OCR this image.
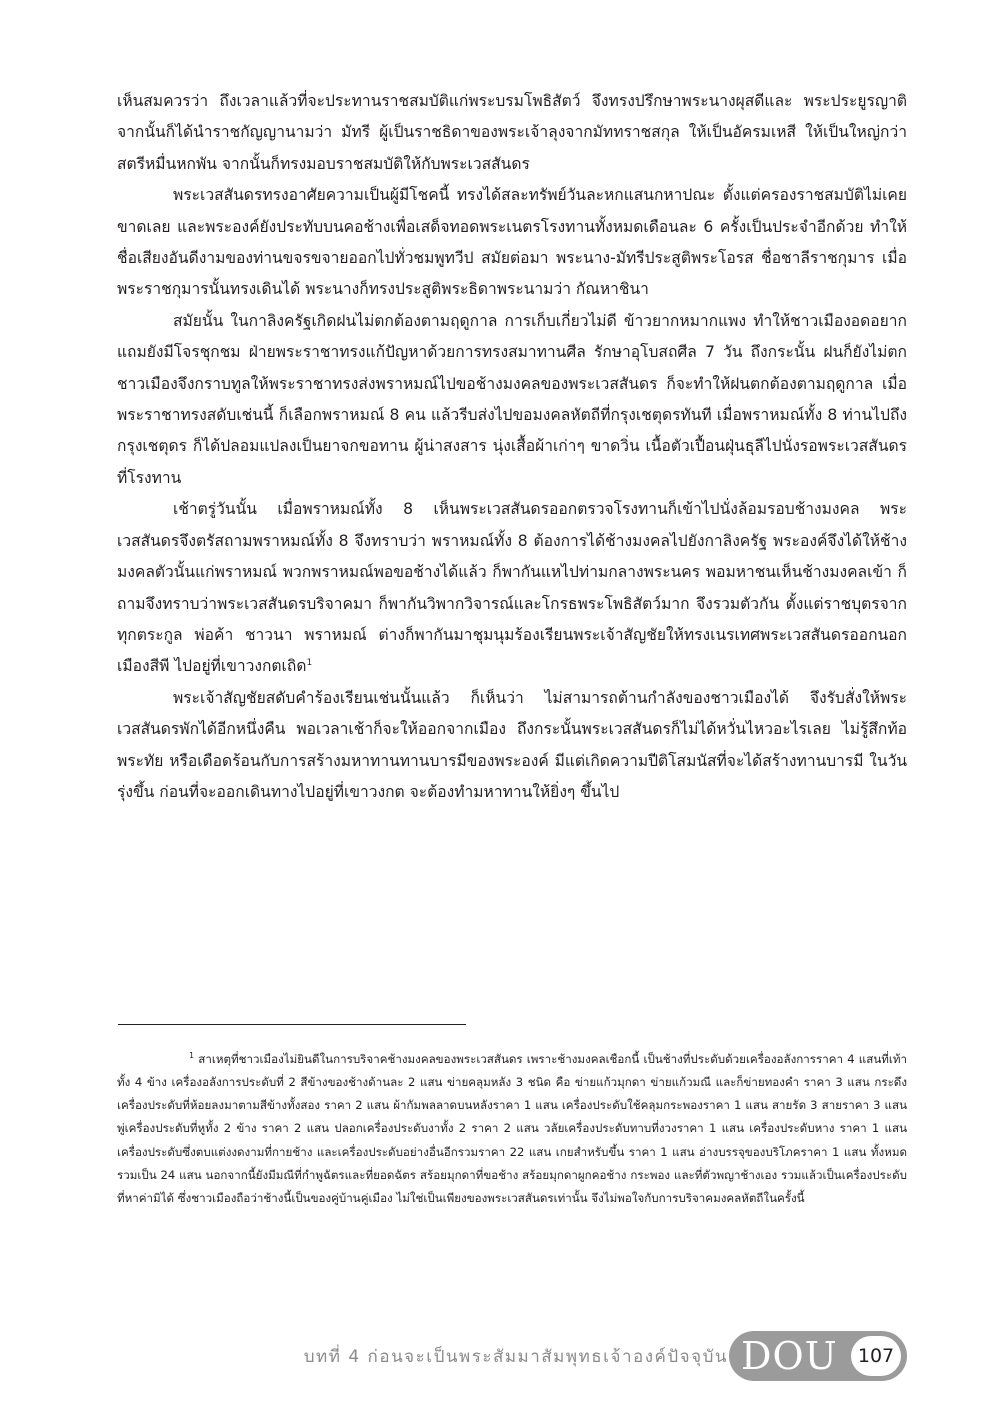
เห็นสมควรว่า ถึงเวลาแล้วที่จะประทานราชสมบัติแก่พระบรมโพธิสัตว์ จึงทรงปรึกษาพระนางผุสดีและ พระประยูรญาติ จากนั้นก็ได้นำราชกัญญานามว่า มัทรี ผู้เป็นราชธิดาของพระเจ้าลุงจากมัททราชสกุล ให้เป็นอัครมเหสี ให้เป็นใหญ่กว่าสตรีหมื่นหกพัน จากนั้นก็ทรงมอบราชสมบัติให้กับพระเวสสันดร

พระเวสสันดรทรงอาศัยความเป็นผู้มีโชคนี้ ทรงได้สละทรัพย์วันละหกแสนกหาปณะ ตั้งแต่ครองราชสมบัติไม่เคยขาดเลย และพระองค์ยังประทับบนคอช้างเพื่อเสด็จทอดพระเนตรโรงทานทั้งหมดเดือนละ 6 ครั้งเป็นประจำอีกด้วย ทำให้ชื่อเสียงอันดีงามของท่านขจรขจายออกไปทั่วชมพูทวีป สมัยต่อมา พระนาง-มัทรีประสูติพระโอรส ชื่อชาลีราชกุมาร เมื่อพระราชกุมารนั้นทรงเดินได้ พระนางก็ทรงประสูติพระธิดาพระนามว่า กัณหาชินา

สมัยนั้น ในกาลิงครัฐเกิดฝนไม่ตกต้องตามฤดูกาล การเก็บเกี่ยวไม่ดี ข้าวยากหมากแพง ทำให้ชาวเมืองอดอยาก แถมยังมีโจรชุกชม ฝ่ายพระราชาทรงแก้ปัญหาด้วยการทรงสมาทานศีล รักษาอุโบสถศีล 7 วัน ถึงกระนั้น ฝนก็ยังไม่ตก ชาวเมืองจึงกราบทูลให้พระราชาทรงส่งพราหมณ์ไปขอช้างมงคลของพระเวสสันดร ก็จะทำให้ฝนตกต้องตามฤดูกาล เมื่อพระราชาทรงสดับเช่นนี้ ก็เลือกพราหมณ์ 8 คน แล้วรีบส่งไปขอมงคลหัตถีที่กรุงเชตุดรทันที เมื่อพราหมณ์ทั้ง 8 ท่านไปถึงกรุงเชตุดร ก็ได้ปลอมแปลงเป็นยาจกขอทาน ผู้น่าสงสาร นุ่งเสื้อผ้าเก่าๆ ขาดวิ่น เนื้อตัวเปื้อนฝุ่นธุลีไปนั่งรอพระเวสสันดรที่โรงทาน

เช้าตรู่วันนั้น เมื่อพราหมณ์ทั้ง 8 เห็นพระเวสสันดรออกตรวจโรงทานก็เข้าไปนั่งล้อมรอบช้างมงคล พระเวสสันดรจึงตรัสถามพราหมณ์ทั้ง 8 จึงทราบว่า พราหมณ์ทั้ง 8 ต้องการได้ช้างมงคลไปยังกาลิงครัฐ พระองค์จึงได้ให้ช้างมงคลตัวนั้นแก่พราหมณ์ พวกพราหมณ์พอขอช้างได้แล้ว ก็พากันแหไปท่ามกลางพระนคร พอมหาชนเห็นช้างมงคลเข้า ก็ถามจึงทราบว่าพระเวสสันดรบริจาคมา ก็พากันวิพากวิจารณ์และโกรธพระโพธิสัตว์มาก จึงรวมตัวกัน ตั้งแต่ราชบุตรจากทุกตระกูล พ่อค้า ชาวนา พราหมณ์ ต่างก็พากันมาชุมนุมร้องเรียนพระเจ้าสัญชัยให้ทรงเนรเทศพระเวสสันดรออกนอกเมืองสีพี ไปอยู่ที่เขาวงกตเถิด$^1$

พระเจ้าสัญชัยสดับคำร้องเรียนเช่นนั้นแล้ว ก็เห็นว่า ไม่สามารถต้านกำลังของชาวเมืองได้ จึงรับสั่งให้พระเวสสันดรพักได้อีกหนึ่งคืน พอเวลาเช้าก็จะให้ออกจากเมือง ถึงกระนั้นพระเวสสันดรก็ไม่ได้หวั่นไหวอะไรเลย ไม่รู้สึกท้อพระทัย หรือเดือดร้อนกับการสร้างมหาทานทานบารมีของพระองค์ มีแต่เกิดความปีติโสมนัสที่จะได้สร้างทานบารมี ในวันรุ่งขึ้น ก่อนที่จะออกเดินทางไปอยู่ที่เขาวงกต จะต้องทำมหาทานให้ยิ่งๆ ขึ้นไป

$^1$ สาเหตุที่ชาวเมืองไม่ยินดีในการบริจาคช้างมงคลของพระเวสสันดร เพราะช้างมงคลเชือกนี้ เป็นช้างที่ประดับด้วยเครื่องอลังการราคา 4 แสนที่เท้าทั้ง 4 ข้าง เครื่องอลังการประดับที่ 2 สีข้างของช้างด้านละ 2 แสน ข่ายคลุมหลัง 3 ชนิด คือ ข่ายแก้วมุกดา ข่ายแก้วมณี และก็ข่ายทองคำ ราคา 3 แสน กระดึงเครื่องประดับที่ห้อยลงมาตามสีข้างทั้งสอง ราคา 2 แสน ผ้ากัมพลลาดบนหลังราคา 1 แสน เครื่องประดับใช้คลุมกระพองราคา 1 แสน สายรัด 3 สายราคา 3 แสน พู่เครื่องประดับที่หูทั้ง 2 ข้าง ราคา 2 แสน ปลอกเครื่องประดับงาทั้ง 2 ราคา 2 แสน วลัยเครื่องประดับทาบที่งวงราคา 1 แสน เครื่องประดับหาง ราคา 1 แสน เครื่องประดับซึ่งตบแต่งงดงามที่กายช้าง และเครื่องประดับอย่างอื่นอีกรวมราคา 22 แสน เกยสำหรับขึ้น ราคา 1 แสน อ่างบรรจุของบริโภคราคา 1 แสน ทั้งหมดรวมเป็น 24 แสน นอกจากนี้ยังมีมณีที่กำพูฉัตรและที่ยอดฉัตร สร้อยมุกดาที่ขอช้าง สร้อยมุกดาผูกคอช้าง กระพอง และที่ตัวพญาช้างเอง รวมแล้วเป็นเครื่องประดับที่หาค่ามิได้ ซึ่งชาวเมืองถือว่าช้างนี้เป็นของคู่บ้านคู่เมือง ไม่ใช่เป็นเพียงของพระเวสสันดรเท่านั้น จึงไม่พอใจกับการบริจาคมงคลหัตถีในครั้งนี้

บทที่ 4 ก่อนจะเป็นพระสัมมาสัมพุทธเจ้าองค์ปัจจุบัน DOU	107
